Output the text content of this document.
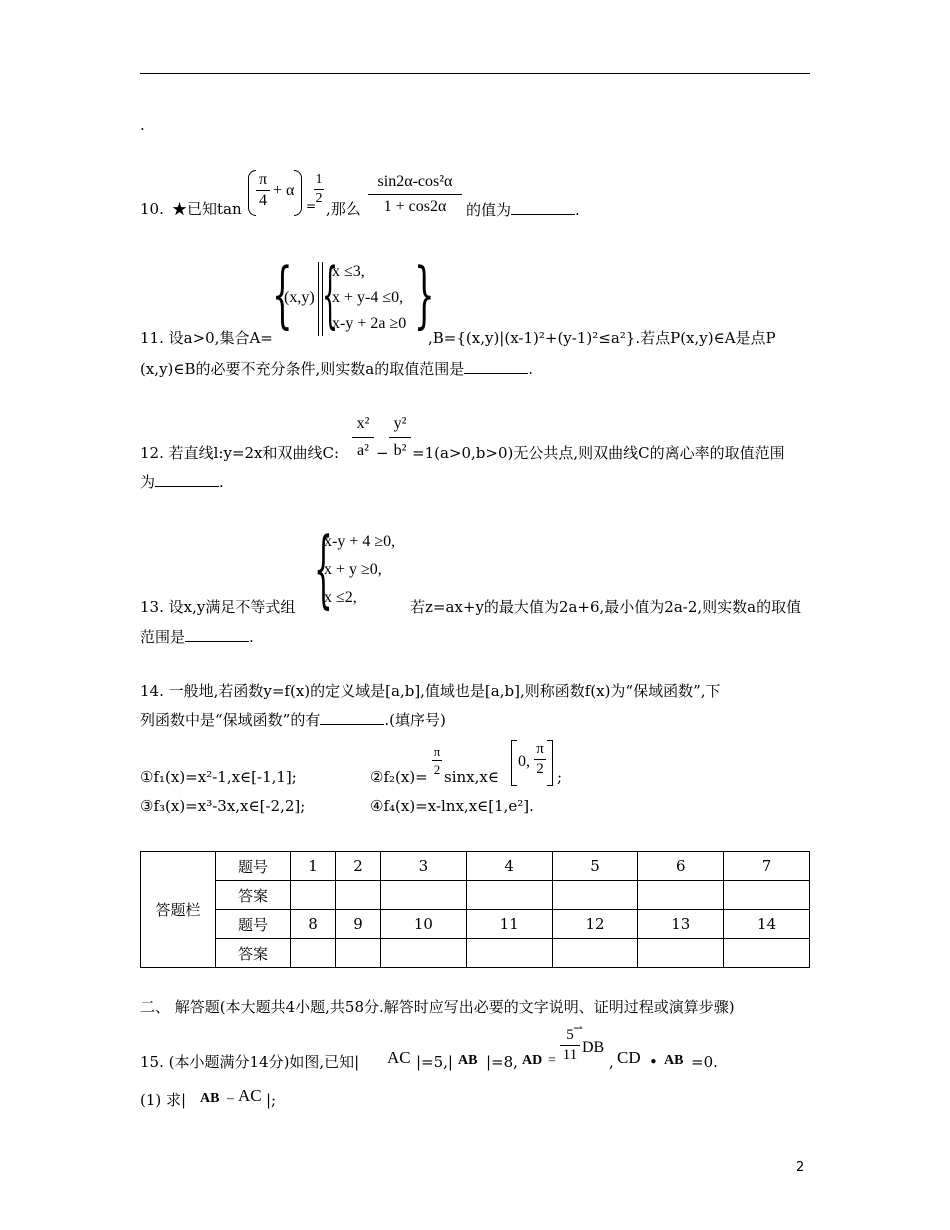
.
10. ★已知tan
π
4
+ α
=
1
2
,那么
sin2α-cos²α
1 + cos2α	的值为	.
{
(x,y) {
x ≤3,
x + y-4 ≤0,
x-y + 2a ≥0 }
11. 设a>0,集合A=	,B={(x,y)|(x-1)²+(y-1)²≤a²}.若点P(x,y)∈A是点P
(x,y)∈B的必要不充分条件,则实数a的取值范围是	.
x²
a²
y²
b²
12. 若直线l:y=2x和双曲线C: − =1(a>0,b>0)无公共点,则双曲线C的离心率的取值范围
为	.
{
x-y + 4 ≥0,
x + y ≥0,
x ≤2,
13. 设x,y满足不等式组	若z=ax+y的最大值为2a+6,最小值为2a-2,则实数a的取值
范围是	.
14. 一般地,若函数y=f(x)的定义域是[a,b],值域也是[a,b],则称函数f(x)为“保域函数”,下
列函数中是“保域函数”的有	.(填序号)
①f₁(x)=x²-1,x∈[-1,1];	②f₂(x)=
π
2 sinx,x∈
0,
π
2 ;
③f₃(x)=x³-3x,x∈[-2,2];	④f₄(x)=x-lnx,x∈[1,e²].
答题栏	题号	1	2	3	4	5	6	7
	答案							
	题号	8	9	10	11	12	13	14
	答案							
二、 解答题(本大题共4小题,共58分.解答时应写出必要的文字说明、证明过程或演算步骤)
15. (本小题满分14分)如图,已知| AC |=5,| AB |=8, AD =
5
11
⇀
DB
, CD • AB =0.
(1) 求| AB – AC |;
2
